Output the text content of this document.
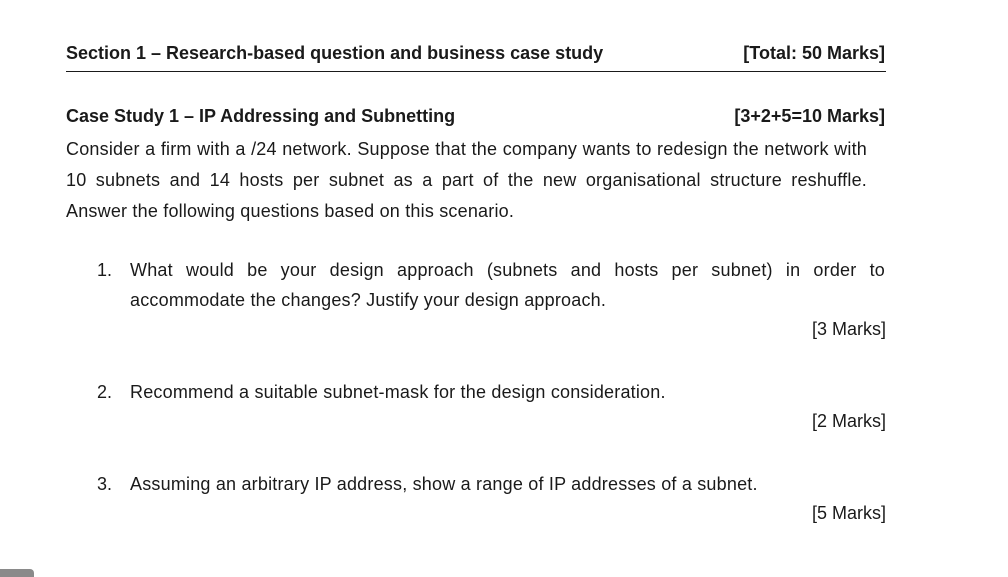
Section 1 – Research-based question and business case study	[Total: 50 Marks]
Case Study 1 – IP Addressing and Subnetting	[3+2+5=10 Marks]
Consider a firm with a /24 network. Suppose that the company wants to redesign the network with 10 subnets and 14 hosts per subnet as a part of the new organisational structure reshuffle. Answer the following questions based on this scenario.
1. What would be your design approach (subnets and hosts per subnet) in order to accommodate the changes? Justify your design approach.
[3 Marks]
2. Recommend a suitable subnet-mask for the design consideration.
[2 Marks]
3. Assuming an arbitrary IP address, show a range of IP addresses of a subnet.
[5 Marks]
